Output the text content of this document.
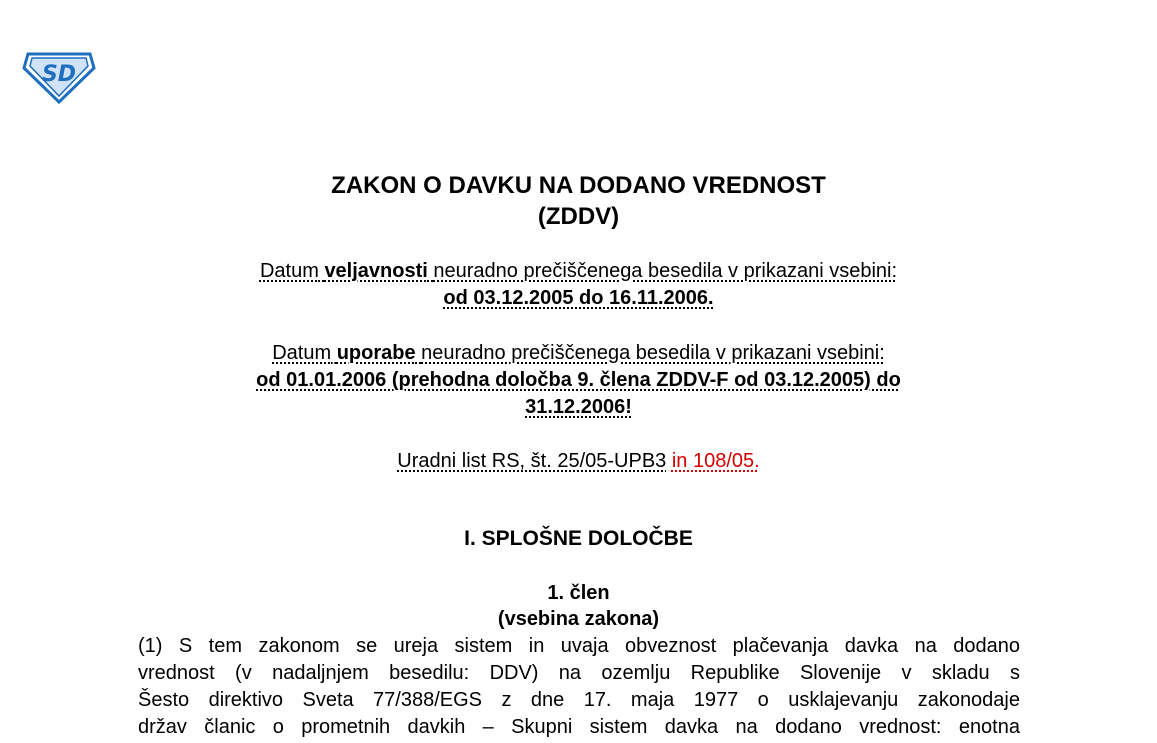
SD
ZAKON O DAVKU NA DODANO VREDNOST
(ZDDV)
Datum veljavnosti neuradno prečiščenega besedila v prikazani vsebini:
od 03.12.2005 do 16.11.2006.
Datum uporabe neuradno prečiščenega besedila v prikazani vsebini:
od 01.01.2006 (prehodna določba 9. člena ZDDV-F od 03.12.2005) do
31.12.2006!
Uradni list RS, št. 25/05-UPB3 in 108/05.
I. SPLOŠNE DOLOČBE
1. člen
(vsebina zakona)
(1) S tem zakonom se ureja sistem in uvaja obveznost plačevanja davka na dodano
vrednost (v nadaljnjem besedilu: DDV) na ozemlju Republike Slovenije v skladu s
Šesto direktivo Sveta 77/388/EGS z dne 17. maja 1977 o usklajevanju zakonodaje
držav članic o prometnih davkih – Skupni sistem davka na dodano vrednost: enotna
